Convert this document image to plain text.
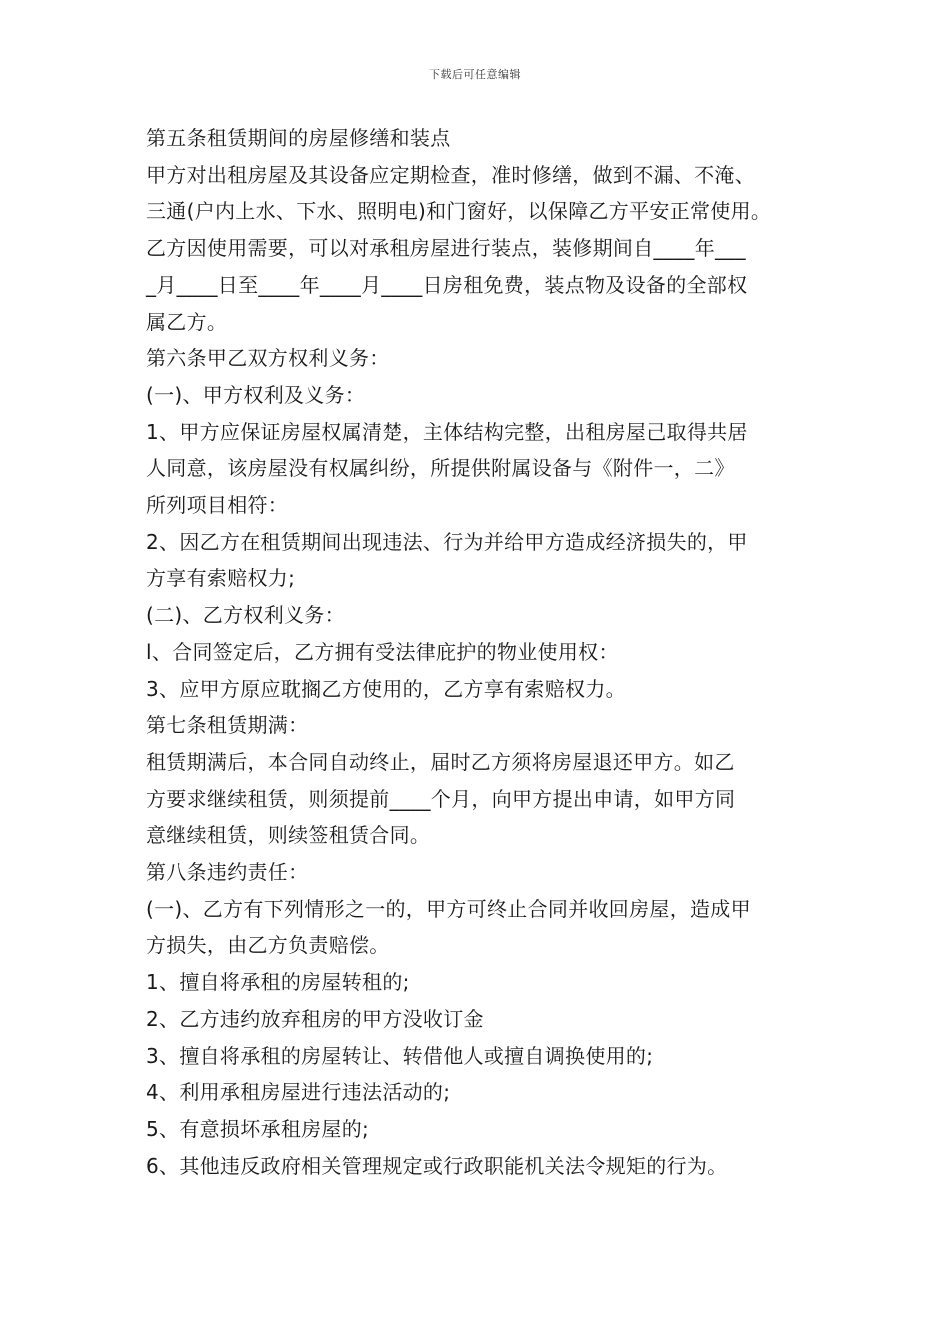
下载后可任意编辑
第五条租赁期间的房屋修缮和装点
甲方对出租房屋及其设备应定期检查，准时修缮，做到不漏、不淹、
三通(户内上水、下水、照明电)和门窗好，以保障乙方平安正常使用。
乙方因使用需要，可以对承租房屋进行装点，装修期间自____年___
_月____日至____年____月____日房租免费，装点物及设备的全部权
属乙方。
第六条甲乙双方权利义务：
(一)、甲方权利及义务：
1、甲方应保证房屋权属清楚，主体结构完整，出租房屋己取得共居
人同意，该房屋没有权属纠纷，所提供附属设备与《附件一，二》
所列项目相符：
2、因乙方在租赁期间出现违法、行为并给甲方造成经济损失的，甲
方享有索赔权力;
(二)、乙方权利义务：
l、合同签定后，乙方拥有受法律庇护的物业使用权：
3、应甲方原应耽搁乙方使用的，乙方享有索赔权力。
第七条租赁期满：
租赁期满后，本合同自动终止，届时乙方须将房屋退还甲方。如乙
方要求继续租赁，则须提前____个月，向甲方提出申请，如甲方同
意继续租赁，则续签租赁合同。
第八条违约责任：
(一)、乙方有下列情形之一的，甲方可终止合同并收回房屋，造成甲
方损失，由乙方负责赔偿。
1、擅自将承租的房屋转租的;
2、乙方违约放弃租房的甲方没收订金
3、擅自将承租的房屋转让、转借他人或擅自调换使用的;
4、利用承租房屋进行违法活动的;
5、有意损坏承租房屋的;
6、其他违反政府相关管理规定或行政职能机关法令规矩的行为。
